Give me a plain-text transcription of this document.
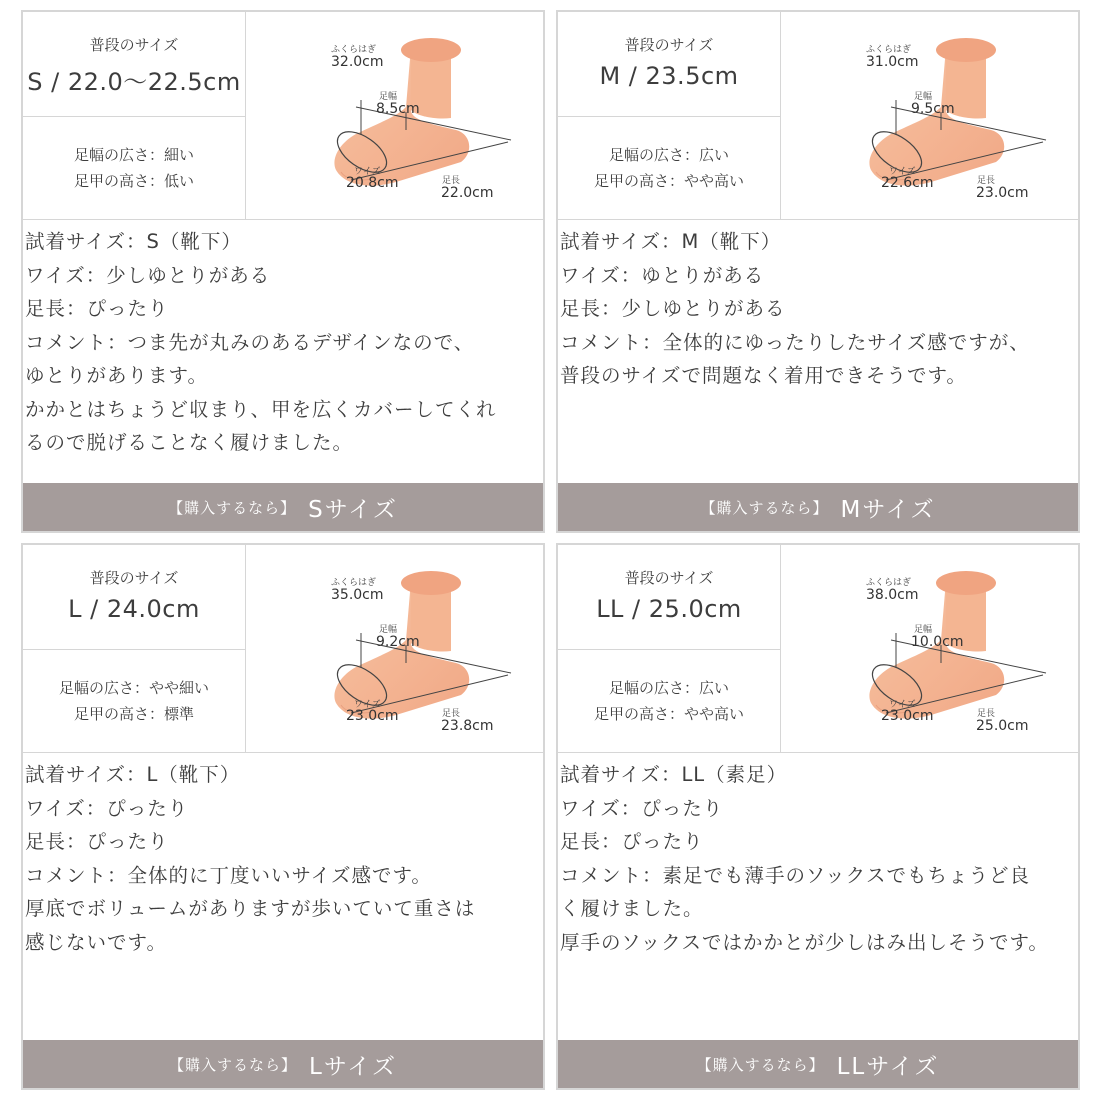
普段のサイズ
S / 22.0〜22.5cm
足幅の広さ：細い
足甲の高さ：低い
ふくらはぎ
32.0cm
足幅
8.5cm
ワイズ
20.8cm	足長
22.0cm
試着サイズ：S（靴下）
ワイズ：少しゆとりがある
足長：ぴったり
コメント：つま先が丸みのあるデザインなので、
ゆとりがあります。
かかとはちょうど収まり、甲を広くカバーしてくれ
るので脱げることなく履けました。
【購入するなら】 Sサイズ
普段のサイズ
M / 23.5cm
足幅の広さ：広い
足甲の高さ：やや高い
ふくらはぎ
31.0cm
足幅
9.5cm
ワイズ
22.6cm	足長
23.0cm
試着サイズ：M（靴下）
ワイズ：ゆとりがある
足長：少しゆとりがある
コメント：全体的にゆったりしたサイズ感ですが、
普段のサイズで問題なく着用できそうです。
【購入するなら】 Mサイズ
普段のサイズ
L / 24.0cm
足幅の広さ：やや細い
足甲の高さ：標準
ふくらはぎ
35.0cm
足幅
9.2cm
ワイズ
23.0cm	足長
23.8cm
試着サイズ：L（靴下）
ワイズ：ぴったり
足長：ぴったり
コメント：全体的に丁度いいサイズ感です。
厚底でボリュームがありますが歩いていて重さは
感じないです。
【購入するなら】 Lサイズ
普段のサイズ
LL / 25.0cm
足幅の広さ：広い
足甲の高さ：やや高い
ふくらはぎ
38.0cm
足幅
10.0cm
ワイズ
23.0cm	足長
25.0cm
試着サイズ：LL（素足）
ワイズ：ぴったり
足長：ぴったり
コメント：素足でも薄手のソックスでもちょうど良
く履けました。
厚手のソックスではかかとが少しはみ出しそうです。
【購入するなら】 LLサイズ
